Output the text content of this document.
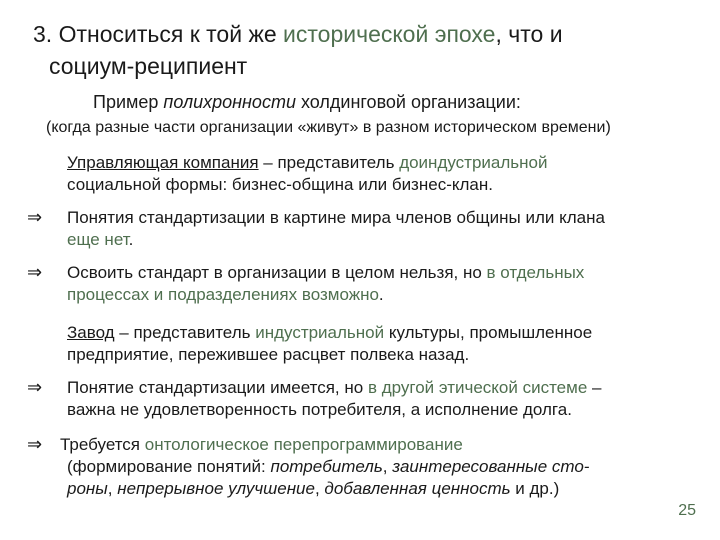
3. Относиться к той же исторической эпохе, что и
социум-реципиент
Пример полихронности холдинговой организации:
(когда разные части организации «живут» в разном историческом времени)
Управляющая компания – представитель доиндустриальной
социальной формы: бизнес-община или бизнес-клан.
⇒ Понятия стандартизации в картине мира членов общины или клана
еще нет.
⇒ Освоить стандарт в организации в целом нельзя, но в отдельных
процессах и подразделениях возможно.
Завод – представитель индустриальной культуры, промышленное
предприятие, пережившее расцвет полвека назад.
⇒ Понятие стандартизации имеется, но в другой этической системе –
важна не удовлетворенность потребителя, а исполнение долга.
⇒ Требуется онтологическое перепрограммирование
(формирование понятий: потребитель, заинтересованные сто-
роны, непрерывное улучшение, добавленная ценность и др.)
25
